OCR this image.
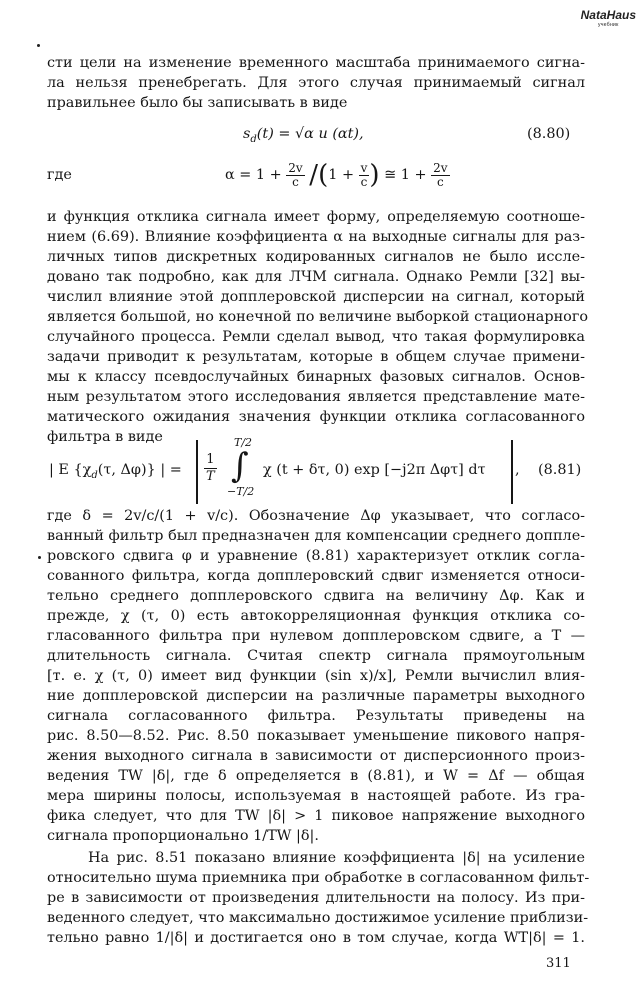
NataHaus
учебник
сти цели на изменение временного масштаба принимаемого сигна-
ла нельзя пренебрегать. Для этого случая принимаемый сигнал
правильнее было бы записывать в виде
$s_d(t) = √\alpha$ u (αt),	(8.80)
где	$\alpha = 1 + \frac{2v}{c} /(1 + \frac{v}{c}$ ) ≅ $1 + \frac{2v}{c}$
и функция отклика сигнала имеет форму, определяемую соотноше-
нием (6.69). Влияние коэффициента α на выходные сигналы для раз-
личных типов дискретных кодированных сигналов не было иссле-
довано так подробно, как для ЛЧМ сигнала. Однако Ремли [32] вы-
числил влияние этой допплеровской дисперсии на сигнал, который
является большой, но конечной по величине выборкой стационарного
случайного процесса. Ремли сделал вывод, что такая формулировка
задачи приводит к результатам, которые в общем случае примени-
мы к классу псевдослучайных бинарных фазовых сигналов. Основ-
ным результатом этого исследования является представление мате-
матического ожидания значения функции отклика согласованного
фильтра в виде
| E {$\chi_d(\tau$, Δφ)} | = $\frac{1}{T}$
T/2
∫
−T/2
χ (t + δτ, 0) exp [−j2π Δφτ] dτ , (8.81)
где δ = 2v/c/(1 + v/c). Обозначение Δφ указывает, что согласо-
ванный фильтр был предназначен для компенсации среднего доппле-
ровского сдвига φ и уравнение (8.81) характеризует отклик согла-
сованного фильтра, когда допплеровский сдвиг изменяется относи-
тельно среднего допплеровского сдвига на величину Δφ. Как и
прежде, χ (τ, 0) есть автокорреляционная функция отклика со-
гласованного фильтра при нулевом допплеровском сдвиге, а T —
длительность сигнала. Считая спектр сигнала прямоугольным
[т. е. χ (τ, 0) имеет вид функции (sin x)/x], Ремли вычислил влия-
ние допплеровской дисперсии на различные параметры выходного
сигнала согласованного фильтра. Результаты приведены на
рис. 8.50—8.52. Рис. 8.50 показывает уменьшение пикового напря-
жения выходного сигнала в зависимости от дисперсионного произ-
ведения TW |δ|, где δ определяется в (8.81), и W = Δf — общая
мера ширины полосы, используемая в настоящей работе. Из гра-
фика следует, что для TW |δ| > 1 пиковое напряжение выходного
сигнала пропорционально 1/TW |δ|.
На рис. 8.51 показано влияние коэффициента |δ| на усиление
относительно шума приемника при обработке в согласованном фильт-
ре в зависимости от произведения длительности на полосу. Из при-
веденного следует, что максимально достижимое усиление приблизи-
тельно равно 1/|δ| и достигается оно в том случае, когда WT|δ| = 1.
311
